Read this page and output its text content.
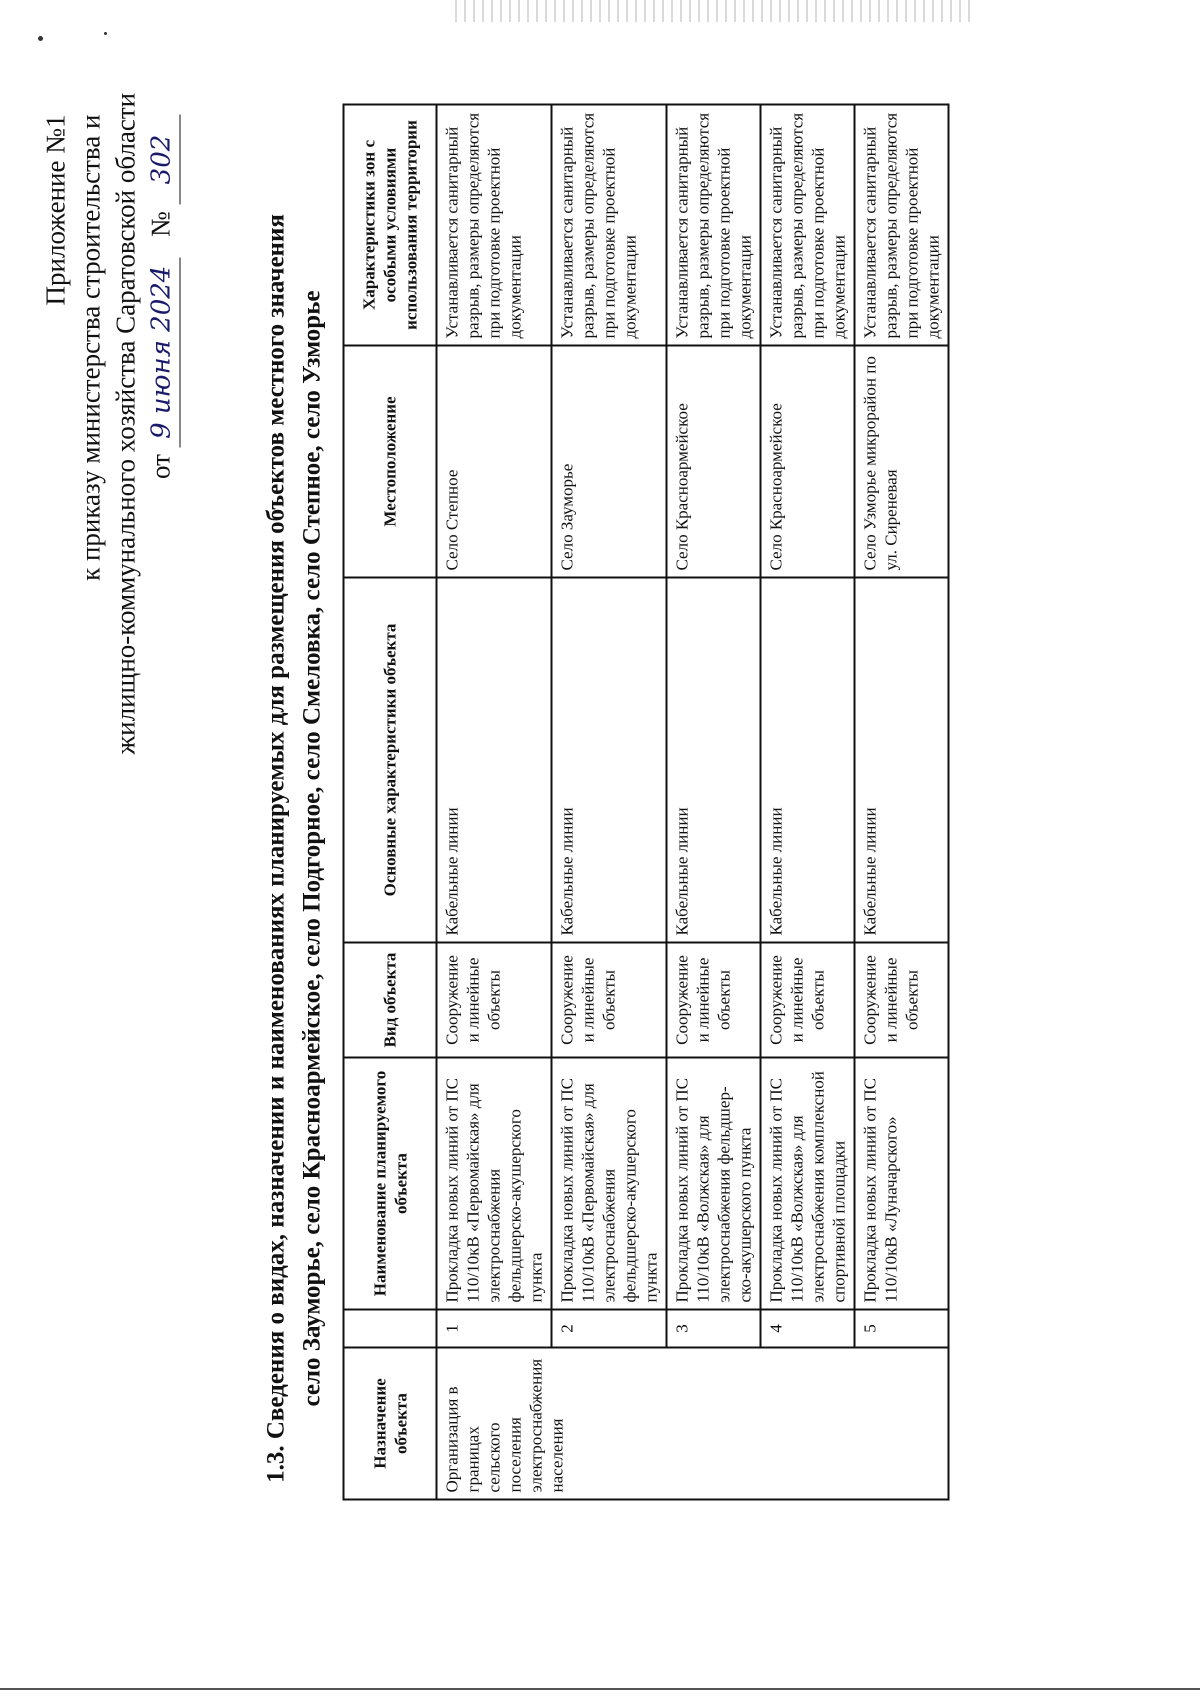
Приложение №1 к приказу министерства строительства и жилищно-коммунального хозяйства Саратовской области от 9 июня 2024   № 302
1.3. Сведения о видах, назначении и наименованиях планируемых для размещения объектов местного значения село Зауморье, село Красноармейское, село Подгорное, село Смеловка, село Степное, село Узморье
Назначение объекта		Наименование планируемого объекта	Вид объекта	Основные характеристики объекта	Местоположение	Характеристики зон с особыми условиями использования территории
Организация в границах сельского поселения электроснабжения населения	1	Прокладка новых линий от ПС 110/10кВ «Первомайская» для электроснабжения фельдшерско-акушерского пункта	Сооружение и линейные объекты	Кабельные линии	Село Степное	Устанавливается санитарный разрыв, размеры определяются при подготовке проектной документации
	2	Прокладка новых линий от ПС 110/10кВ «Первомайская» для электроснабжения фельдшерско-акушерского пункта	Сооружение и линейные объекты	Кабельные линии	Село Зауморье	Устанавливается санитарный разрыв, размеры определяются при подготовке проектной документации
	3	Прокладка новых линий от ПС 110/10кВ «Волжская» для электроснабжения фельдшер-ско-акушерского пункта	Сооружение и линейные объекты	Кабельные линии	Село Красноармейское	Устанавливается санитарный разрыв, размеры определяются при подготовке проектной документации
	4	Прокладка новых линий от ПС 110/10кВ «Волжская» для электроснабжения комплексной спортивной площадки	Сооружение и линейные объекты	Кабельные линии	Село Красноармейское	Устанавливается санитарный разрыв, размеры определяются при подготовке проектной документации
	5	Прокладка новых линий от ПС 110/10кВ «Луначарского»	Сооружение и линейные объекты	Кабельные линии	Село Узморье микрорайон по ул. Сиреневая	Устанавливается санитарный разрыв, размеры определяются при подготовке проектной документации
